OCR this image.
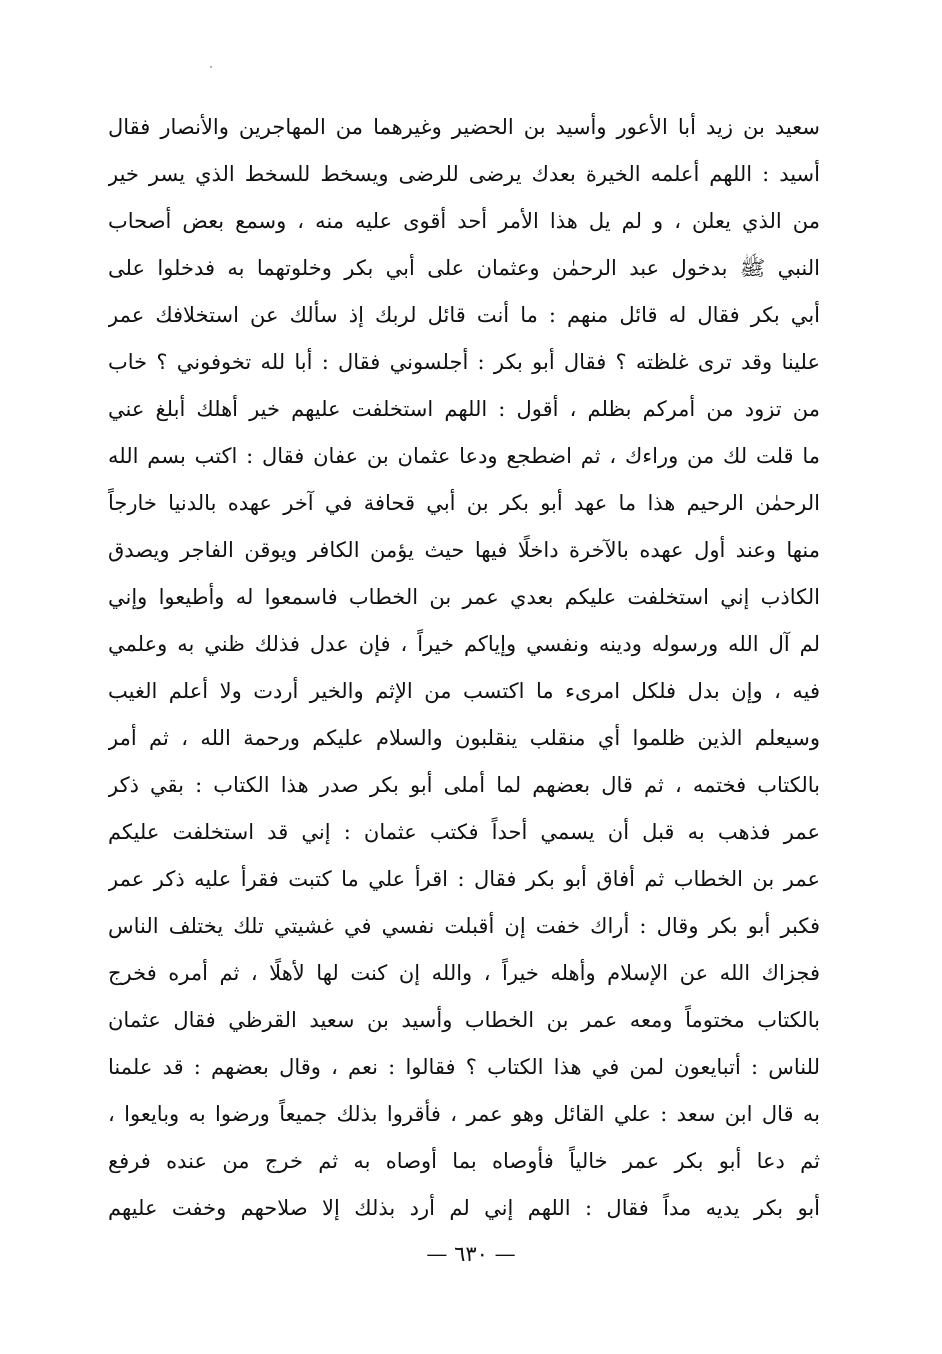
سعيد بن زيد أبا الأعور وأسيد بن الحضير وغيرهما من المهاجرين والأنصار فقال
أسيد : اللهم أعلمه الخيرة بعدك يرضى للرضى ويسخط للسخط الذي يسر خير
من الذي يعلن ، و لم يل هذا الأمر أحد أقوى عليه منه ، وسمع بعض أصحاب
النبي ﷺ بدخول عبد الرحمٰن وعثمان على أبي بكر وخلوتهما به فدخلوا على
أبي بكر فقال له قائل منهم : ما أنت قائل لربك إذ سألك عن استخلافك عمر
علينا وقد ترى غلظته ؟ فقال أبو بكر : أجلسوني فقال : أبا لله تخوفوني ؟ خاب
من تزود من أمركم بظلم ، أقول : اللهم استخلفت عليهم خير أهلك أبلغ عني
ما قلت لك من وراءك ، ثم اضطجع ودعا عثمان بن عفان فقال : اكتب بسم الله
الرحمٰن الرحيم هذا ما عهد أبو بكر بن أبي قحافة في آخر عهده بالدنيا خارجاً
منها وعند أول عهده بالآخرة داخلًا فيها حيث يؤمن الكافر ويوقن الفاجر ويصدق
الكاذب إني استخلفت عليكم بعدي عمر بن الخطاب فاسمعوا له وأطيعوا وإني
لم آل الله ورسوله ودينه ونفسي وإياكم خيراً ، فإن عدل فذلك ظني به وعلمي
فيه ، وإن بدل فلكل امرىء ما اكتسب من الإثم والخير أردت ولا أعلم الغيب
وسيعلم الذين ظلموا أي منقلب ينقلبون والسلام عليكم ورحمة الله ، ثم أمر
بالكتاب فختمه ، ثم قال بعضهم لما أملى أبو بكر صدر هذا الكتاب : بقي ذكر
عمر فذهب به قبل أن يسمي أحداً فكتب عثمان : إني قد استخلفت عليكم
عمر بن الخطاب ثم أفاق أبو بكر فقال : اقرأ علي ما كتبت فقرأ عليه ذكر عمر
فكبر أبو بكر وقال : أراك خفت إن أقبلت نفسي في غشيتي تلك يختلف الناس
فجزاك الله عن الإسلام وأهله خيراً ، والله إن كنت لها لأهلًا ، ثم أمره فخرج
بالكتاب مختوماً ومعه عمر بن الخطاب وأسيد بن سعيد القرظي فقال عثمان
للناس : أتبايعون لمن في هذا الكتاب ؟ فقالوا : نعم ، وقال بعضهم : قد علمنا
به قال ابن سعد : علي القائل وهو عمر ، فأقروا بذلك جميعاً ورضوا به وبايعوا ،
ثم دعا أبو بكر عمر خالياً فأوصاه بما أوصاه به ثم خرج من عنده فرفع
أبو بكر يديه مداً فقال : اللهم إني لم أرد بذلك إلا صلاحهم وخفت عليهم
— ٦٣٠ —
